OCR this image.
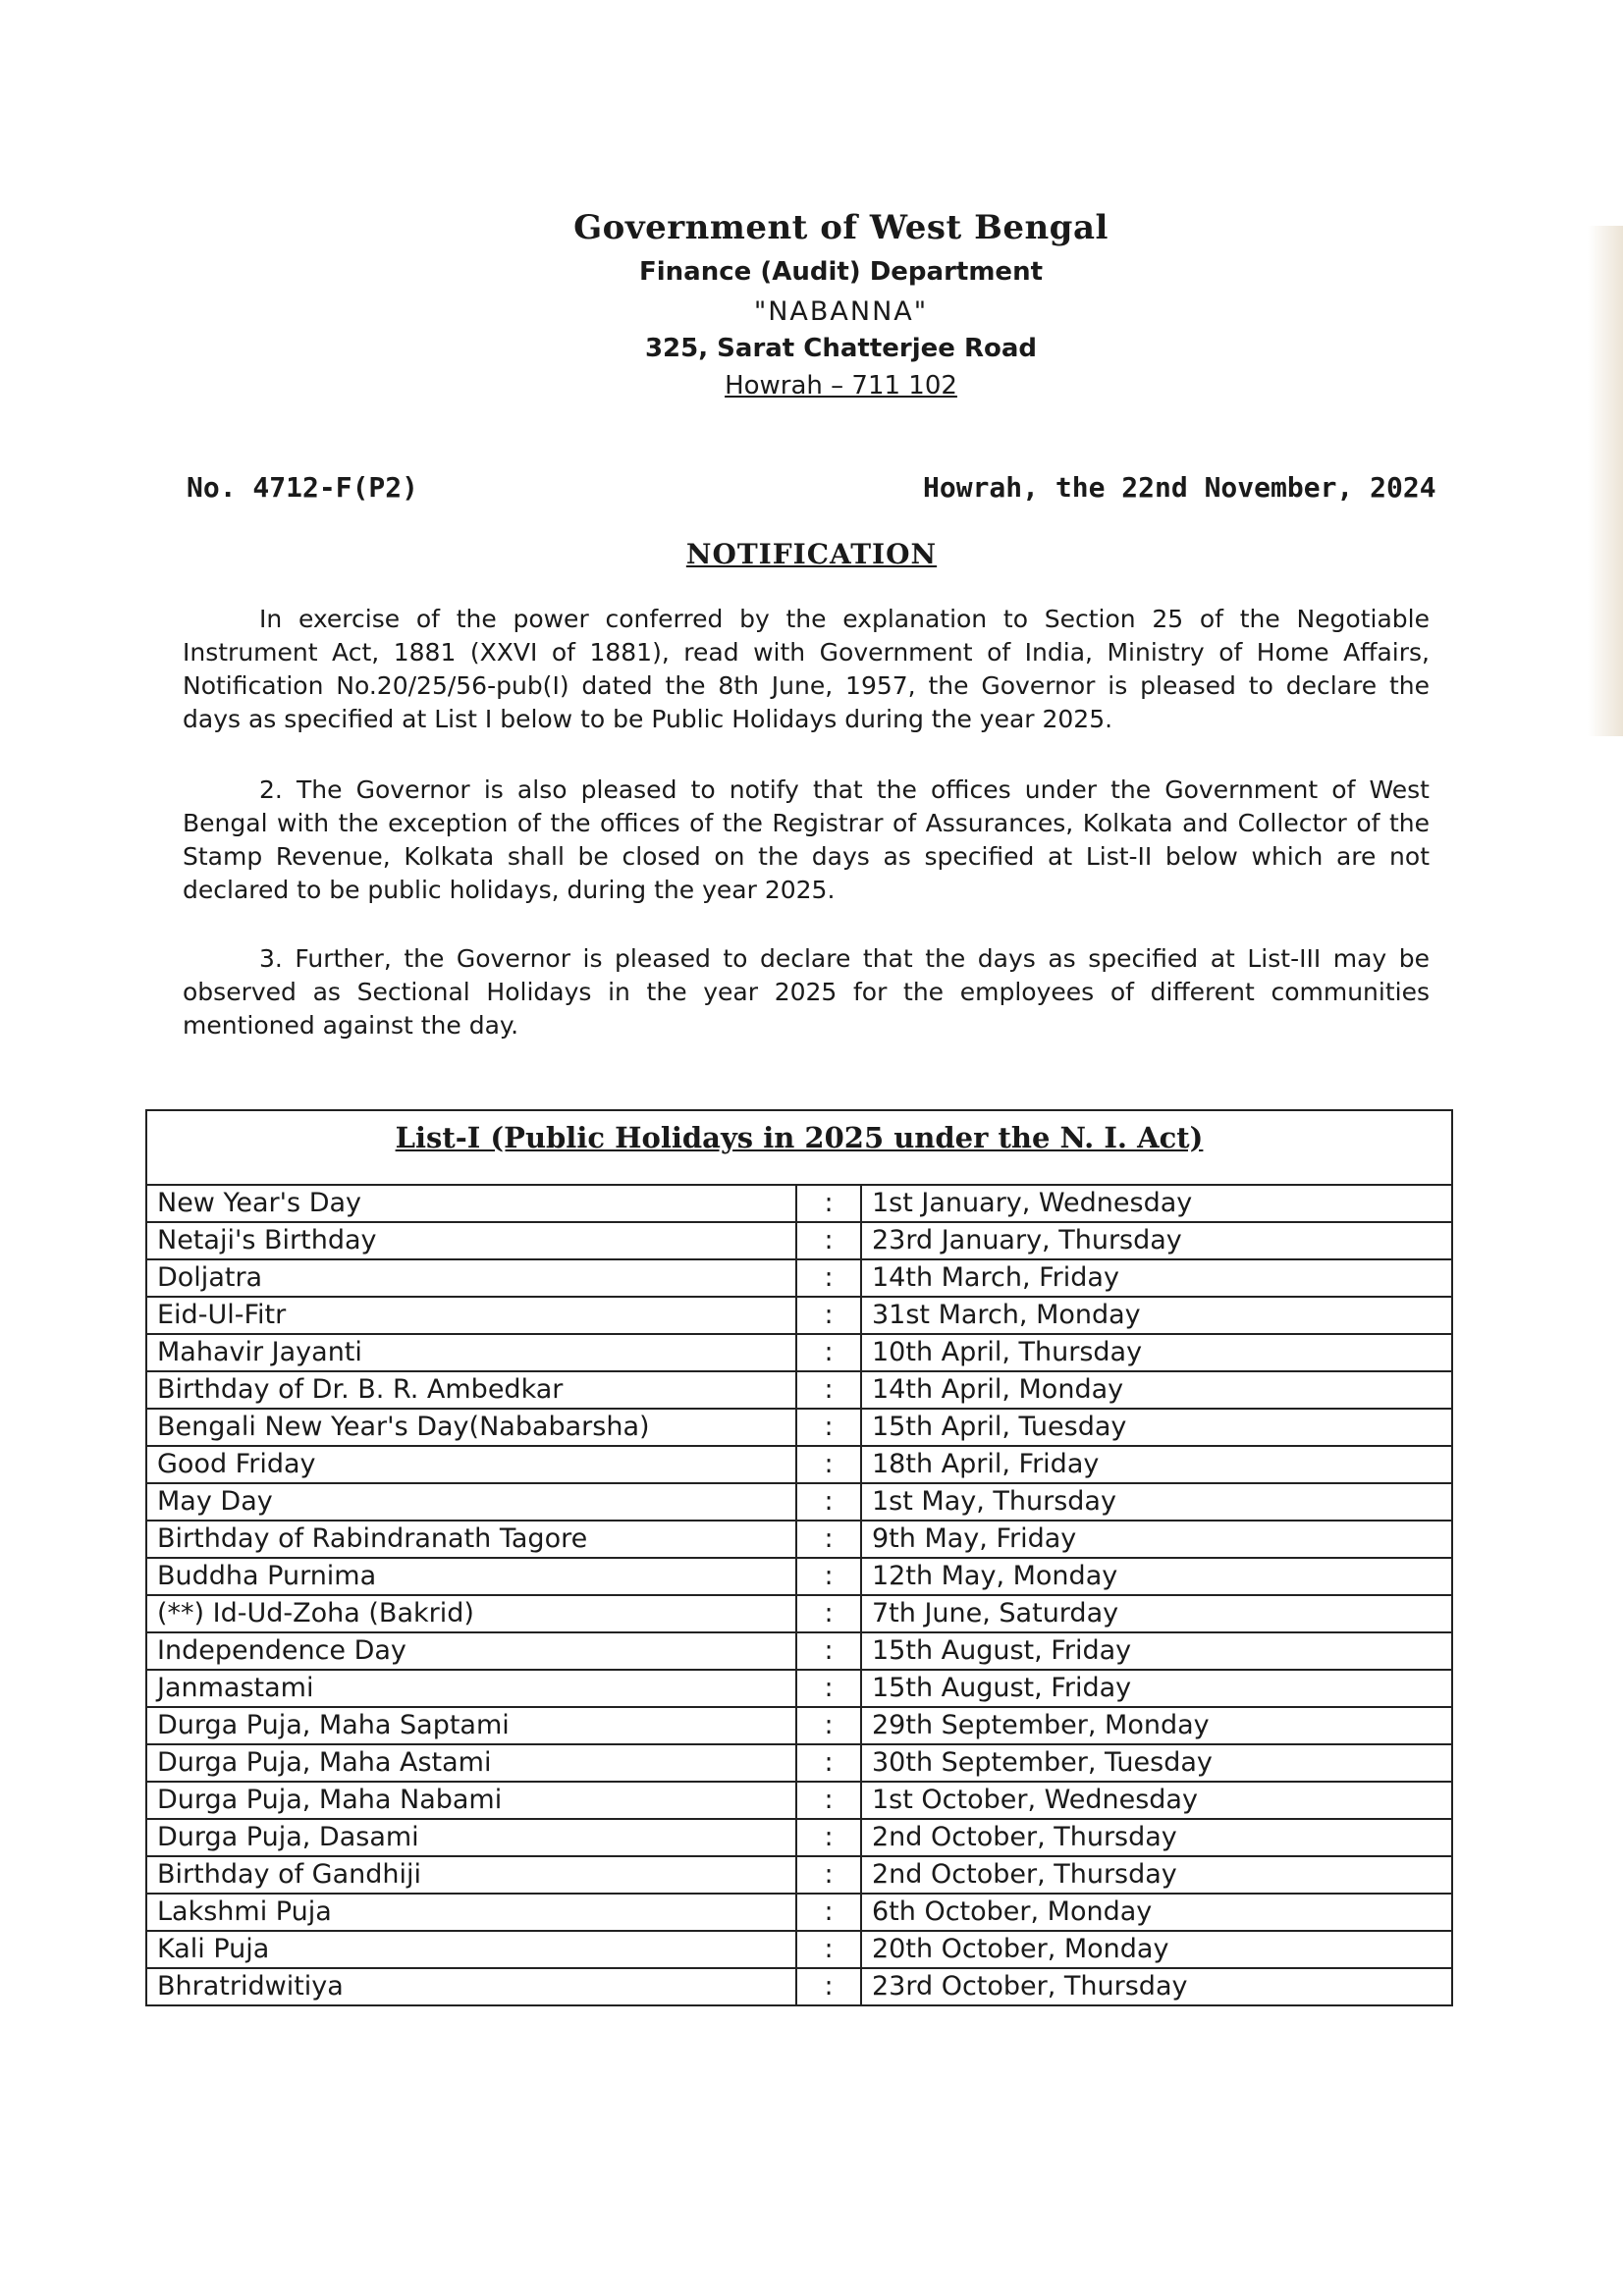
Government of West Bengal
Finance (Audit) Department
"NABANNA"
325, Sarat Chatterjee Road
Howrah – 711 102
No. 4712-F(P2)	Howrah, the 22nd November, 2024
NOTIFICATION

In exercise of the power conferred by the explanation to Section 25 of the Negotiable Instrument Act, 1881 (XXVI of 1881), read with Government of India, Ministry of Home Affairs, Notification No.20/25/56-pub(I) dated the 8th June, 1957, the Governor is pleased to declare the days as specified at List I below to be Public Holidays during the year 2025.

2. The Governor is also pleased to notify that the offices under the Government of West Bengal with the exception of the offices of the Registrar of Assurances, Kolkata and Collector of the Stamp Revenue, Kolkata shall be closed on the days as specified at List-II below which are not declared to be public holidays, during the year 2025.

3. Further, the Governor is pleased to declare that the days as specified at List-III may be observed as Sectional Holidays in the year 2025 for the employees of different communities mentioned against the day.

List-I (Public Holidays in 2025 under the N. I. Act)
New Year's Day	:	1st January, Wednesday
Netaji's Birthday	:	23rd January, Thursday
Doljatra	:	14th March, Friday
Eid-Ul-Fitr	:	31st March, Monday
Mahavir Jayanti	:	10th April, Thursday
Birthday of Dr. B. R. Ambedkar	:	14th April, Monday
Bengali New Year's Day(Nababarsha)	:	15th April, Tuesday
Good Friday	:	18th April, Friday
May Day	:	1st May, Thursday
Birthday of Rabindranath Tagore	:	9th May, Friday
Buddha Purnima	:	12th May, Monday
(**) Id-Ud-Zoha (Bakrid)	:	7th June, Saturday
Independence Day	:	15th August, Friday
Janmastami	:	15th August, Friday
Durga Puja, Maha Saptami	:	29th September, Monday
Durga Puja, Maha Astami	:	30th September, Tuesday
Durga Puja, Maha Nabami	:	1st October, Wednesday
Durga Puja, Dasami	:	2nd October, Thursday
Birthday of Gandhiji	:	2nd October, Thursday
Lakshmi Puja	:	6th October, Monday
Kali Puja	:	20th October, Monday
Bhratridwitiya	:	23rd October, Thursday
